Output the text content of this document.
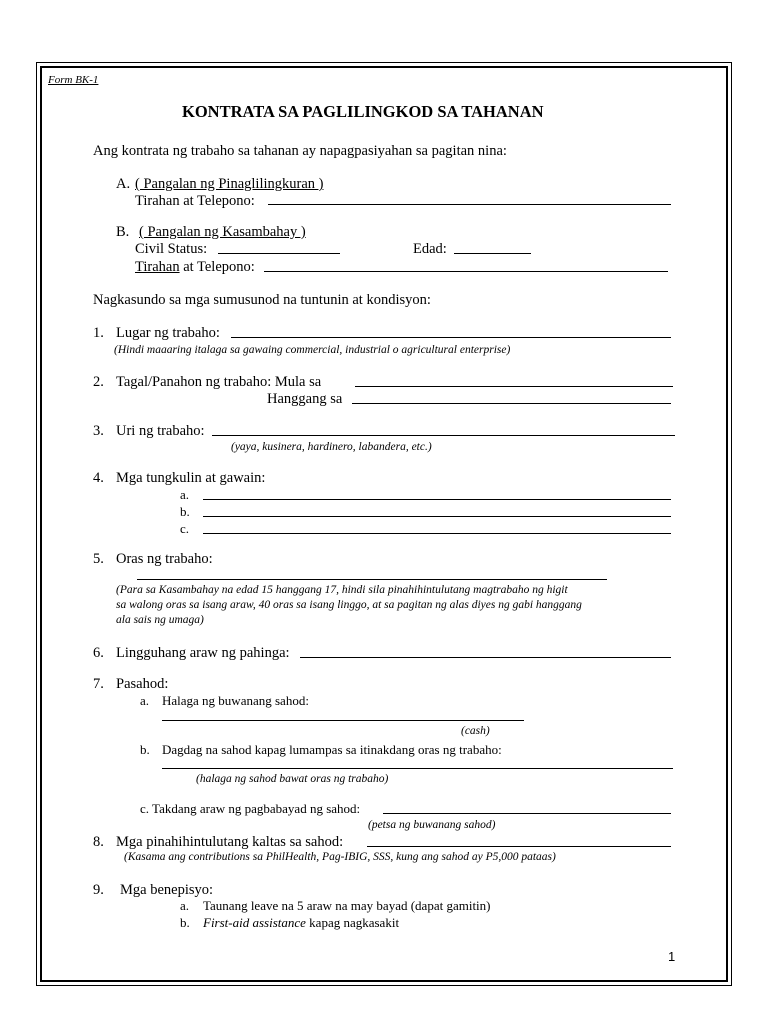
Form BK-1
KONTRATA SA PAGLILINGKOD SA TAHANAN
Ang kontrata ng trabaho sa tahanan ay napagpasiyahan sa pagitan nina:
A. ( Pangalan ng Pinaglilingkuran )
Tirahan at Telepono:
B. ( Pangalan ng Kasambahay )
Civil Status:	Edad:
Tirahan at Telepono:
Nagkasundo sa mga sumusunod na tuntunin at kondisyon:
1. Lugar ng trabaho:
(Hindi maaaring italaga sa gawaing commercial, industrial o agricultural enterprise)
2. Tagal/Panahon ng trabaho: Mula sa
Hanggang sa
3. Uri ng trabaho:
(yaya, kusinera, hardinero, labandera, etc.)
4. Mga tungkulin at gawain:
a.
b.
c.
5. Oras ng trabaho:
(Para sa Kasambahay na edad 15 hanggang 17, hindi sila pinahihintulutang magtrabaho ng higit
sa walong oras sa isang araw, 40 oras sa isang linggo, at sa pagitan ng alas diyes ng gabi hanggang
ala sais ng umaga)
6. Lingguhang araw ng pahinga:
7. Pasahod:
a. Halaga ng buwanang sahod:
(cash)
b. Dagdag na sahod kapag lumampas sa itinakdang oras ng trabaho:
(halaga ng sahod bawat oras ng trabaho)
c. Takdang araw ng pagbabayad ng sahod:
(petsa ng buwanang sahod)
8. Mga pinahihintulutang kaltas sa sahod:
(Kasama ang contributions sa PhilHealth, Pag-IBIG, SSS, kung ang sahod ay P5,000 pataas)
9. Mga benepisyo:
a. Taunang leave na 5 araw na may bayad (dapat gamitin)
b. First-aid assistance kapag nagkasakit
1
